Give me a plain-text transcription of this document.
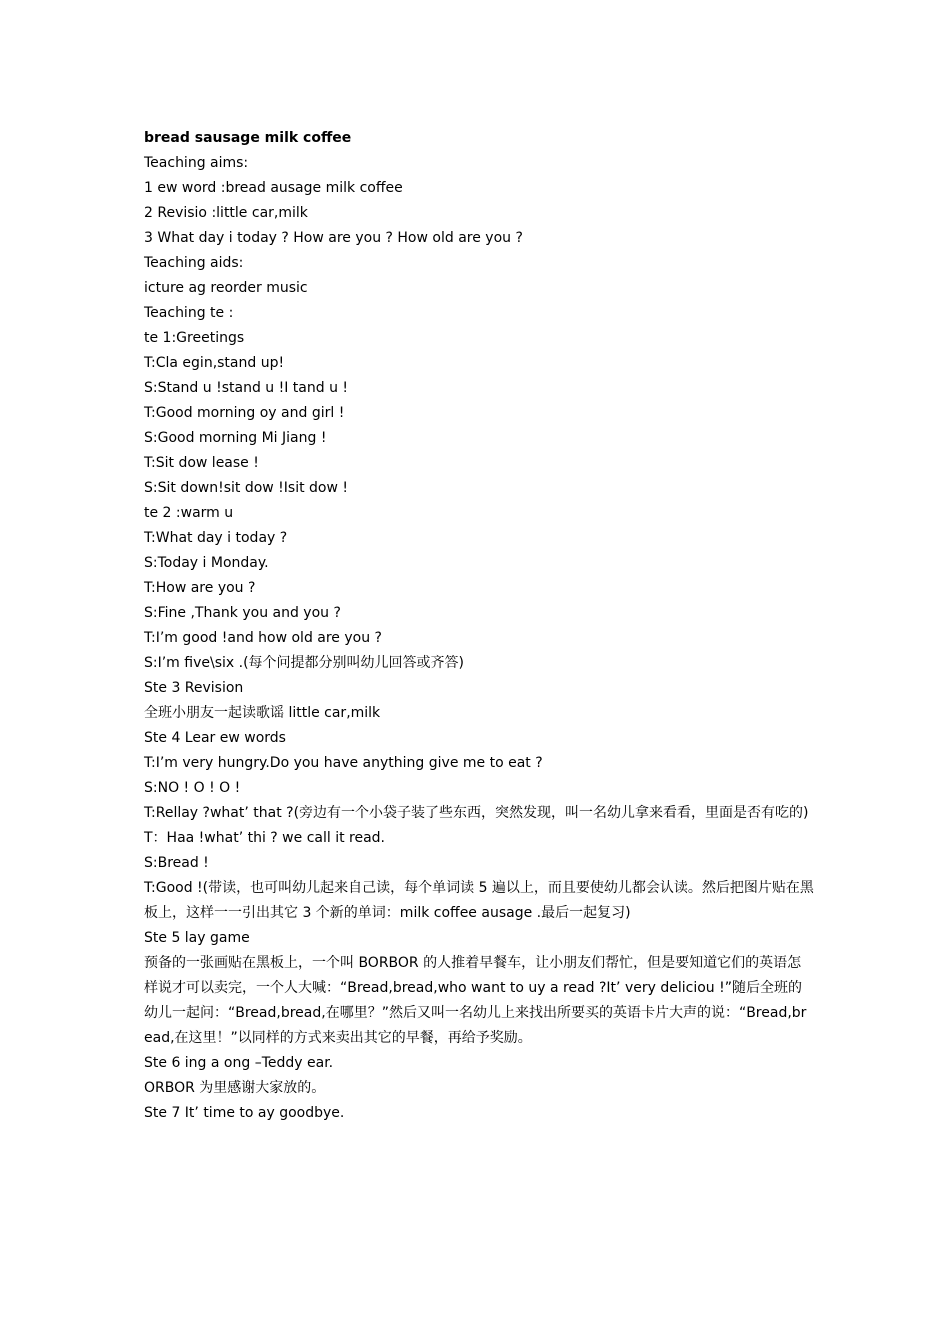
bread sausage milk coffee
Teaching aims:
1 ew word :bread ausage milk coffee
2 Revisio :little car,milk
3 What day i today ? How are you ? How old are you ?
Teaching aids:
icture ag reorder music
Teaching te :
te 1:Greetings
T:Cla egin,stand up!
S:Stand u !stand u !I tand u !
T:Good morning oy and girl !
S:Good morning Mi Jiang !
T:Sit dow lease !
S:Sit down!sit dow !Isit dow !
te 2 :warm u
T:What day i today ?
S:Today i Monday.
T:How are you ?
S:Fine ,Thank you and you ?
T:I’m good !and how old are you ?
S:I’m five\six .(每个问提都分别叫幼儿回答或齐答)
Ste 3 Revision
全班小朋友一起读歌谣 little car,milk
Ste 4 Lear ew words
T:I’m very hungry.Do you have anything give me to eat ?
S:NO ! O ! O !
T:Rellay ?what’ that ?(旁边有一个小袋子装了些东西，突然发现，叫一名幼儿拿来看看，里面是否有吃的)
T：Haa !what’ thi ? we call it read.
S:Bread !
T:Good !(带读，也可叫幼儿起来自己读，每个单词读 5 遍以上，而且要使幼儿都会认读。然后把图片贴在黑板上，这样一一引出其它 3 个新的单词：milk coffee ausage .最后一起复习)
Ste 5 lay game
预备的一张画贴在黑板上，一个叫 BORBOR 的人推着早餐车，让小朋友们帮忙，但是要知道它们的英语怎样说才可以卖完，一个人大喊：“Bread,bread,who want to uy a read ?It’ very deliciou !”随后全班的幼儿一起问：“Bread,bread,在哪里？”然后又叫一名幼儿上来找出所要买的英语卡片大声的说：“Bread,bread,在这里！”以同样的方式来卖出其它的早餐，再给予奖励。
Ste 6 ing a ong –Teddy ear.
ORBOR 为里感谢大家放的。
Ste 7 It’ time to ay goodbye.
